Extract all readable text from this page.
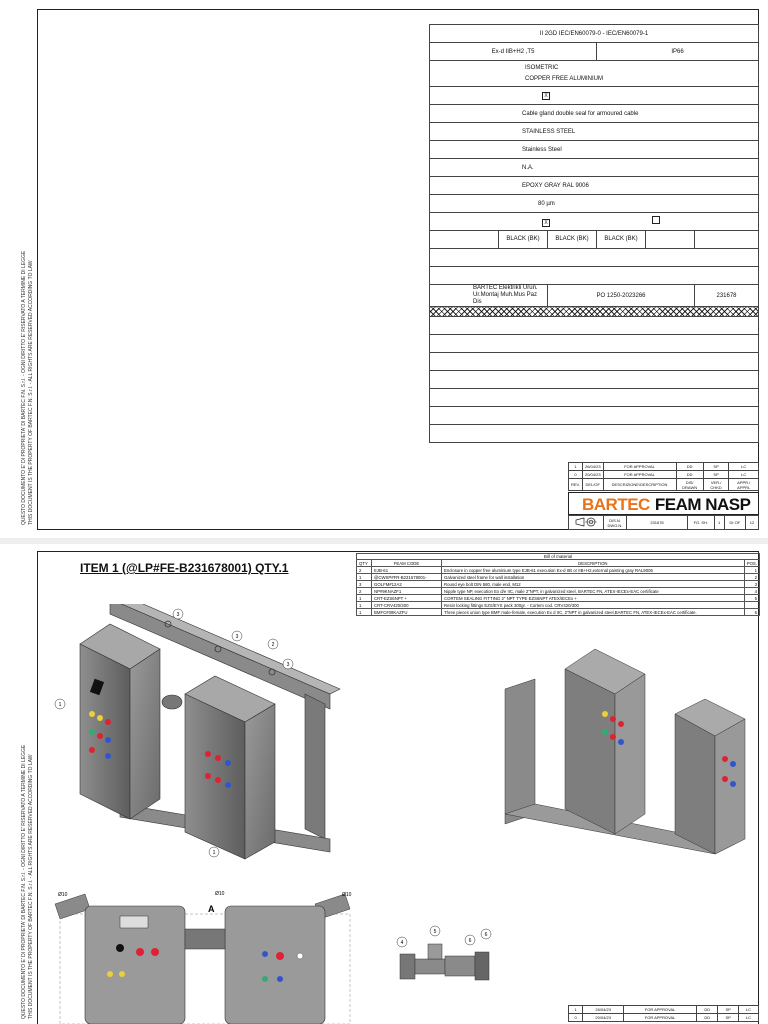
QUESTO DOCUMENTO E' DI PROPRIETA' DI BARTEC F.N. S.r.l. - OGNI DIRITTO E' RISERVATO A TERMINE DI LEGGE THIS DOCUMENT IS THE PROPERTY OF BARTEC F.N. S.r.l. - ALL RIGHTS ARE RESERVED ACCORDING TO LAW
II 2GD IEC/EN60079-0 - IEC/EN60079-1					
Ex-d IIB+H2 ,T5			IP66		

ISOMETRIC
COPPER FREE ALUMINIUM					

X					
Cable gland double seal for armoured cable					
STAINLESS STEEL					
Stainless Steel					
N.A.					
EPOXY GRAY RAL 9006					
80 µm					
X					
	BLACK (BK)	BLACK (BK)	BLACK (BK)		

BARTEC Elektrikli Urun. Ur.Montaj Muh.Mus Paz Dis		PO 1250-2023266			231678

1	26/04/23	FOR APPROVAL	DD	SP	LC
0	20/04/23	FOR APPROVAL	DD	SP	LC
REV.	DEL/OF	DESCRIZIONE/DESCRIPTION	DIS/ DRAWN	VER./ CHKD	APPR./ APPRL
BARTEC FEAM NASP
	DIS.N. DWG.N.	231678	FG. SH.	1	DI OF	12
QUESTO DOCUMENTO E' DI PROPRIETA' DI BARTEC F.N. S.r.l. - OGNI DIRITTO E' RISERVATO A TERMINE DI LEGGE THIS DOCUMENT IS THE PROPERTY OF BARTEC F.N. S.r.l. - ALL RIGHTS ARE RESERVED ACCORDING TO LAW
ITEM 1 (@LP#FE-B231678001) QTY.1
Bill of material
QTY	FEAM CODE	DESCRIPTION	POS.
2	EJB-61	Enclosure in copper free aluminium type EJB-61 execution Ex-d IIB or IIB+H2,external painting gray RAL9006	1
1	@CWSP#FR-B231678001-	Galvanized steel frame for wall installation	2
3	GOLFM#12A2	Round eye bolt DIN 580, male end, M12	3
2	NP#9KNAZF1	Nipple type NP, execution Ex d/e IIC, male 2"NPT, in galvanized steel, BARTEC FN, ATEX-IECEx-EAC certificate	4
1	CRT-EZS6NPT +	CORTEM SEALING FITTING 2" NPT TYPE EZS6NPT ATEX/IECEx +	5
1	CRT-CRV420/300	Resin locking fittings EZS/EYS pack 300gr. - Cortem cod. CRV420/300	
1	BMFC#08KAZFU	Three pieces union type BMF male-female, execution Ex d IIC, 2"NPT in galvanized steel,BARTEC FN, ATEX-IECEx-EAC certificate.	6
1
2
3
3
3
1
Ø10	Ø10	Ø10
A
4
5
6
6
1	26/04/23	FOR APPROVAL	DD	SP	LC
0	20/04/23	FOR APPROVAL	DD	SP	LC
